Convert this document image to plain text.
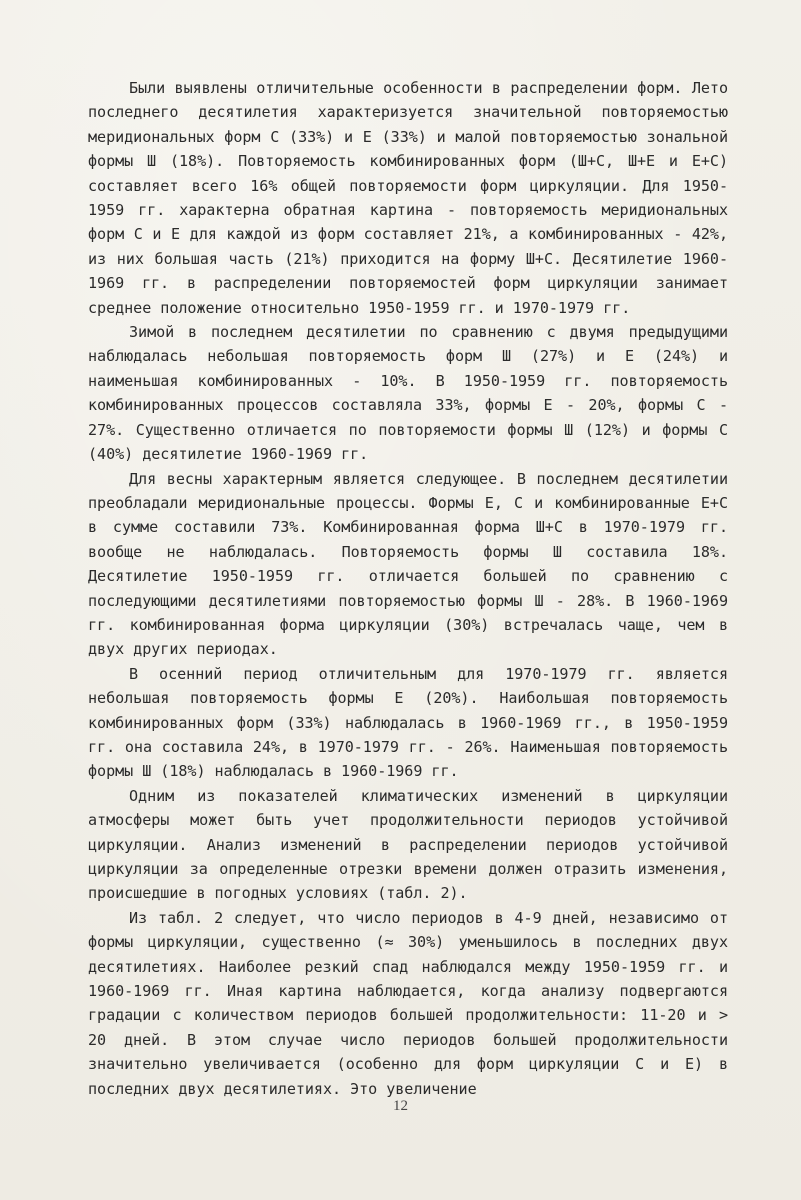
Были выявлены отличительные особенности в распределении форм. Лето последнего десятилетия характеризуется значительной повторяемостью меридиональных форм С (33%) и Е (33%) и малой повторяемостью зональной формы Ш (18%). Повторяемость комбинированных форм (Ш+С, Ш+Е и Е+С) составляет всего 16% общей повторяемости форм циркуляции. Для 1950-1959 гг. характерна обратная картина - повторяемость меридиональных форм С и Е для каждой из форм составляет 21%, а комбинированных - 42%, из них большая часть (21%) приходится на форму Ш+С. Десятилетие 1960-1969 гг. в распределении повторяемостей форм циркуляции занимает среднее положение относительно 1950-1959 гг. и 1970-1979 гг.

Зимой в последнем десятилетии по сравнению с двумя предыдущими наблюдалась небольшая повторяемость форм Ш (27%) и Е (24%) и наименьшая комбинированных - 10%. В 1950-1959 гг. повторяемость комбинированных процессов составляла 33%, формы Е - 20%, формы С - 27%. Существенно отличается по повторяемости формы Ш (12%) и формы С (40%) десятилетие 1960-1969 гг.

Для весны характерным является следующее. В последнем десятилетии преобладали меридиональные процессы. Формы Е, С и комбинированные Е+С в сумме составили 73%. Комбинированная форма Ш+С в 1970-1979 гг. вообще не наблюдалась. Повторяемость формы Ш составила 18%. Десятилетие 1950-1959 гг. отличается большей по сравнению с последующими десятилетиями повторяемостью формы Ш - 28%. В 1960-1969 гг. комбинированная форма циркуляции (30%) встречалась чаще, чем в двух других периодах.

В осенний период отличительным для 1970-1979 гг. является небольшая повторяемость формы Е (20%). Наибольшая повторяемость комбинированных форм (33%) наблюдалась в 1960-1969 гг., в 1950-1959 гг. она составила 24%, в 1970-1979 гг. - 26%. Наименьшая повторяемость формы Ш (18%) наблюдалась в 1960-1969 гг.

Одним из показателей климатических изменений в циркуляции атмосферы может быть учет продолжительности периодов устойчивой циркуляции. Анализ изменений в распределении периодов устойчивой циркуляции за определенные отрезки времени должен отразить изменения, происшедшие в погодных условиях (табл. 2).

Из табл. 2 следует, что число периодов в 4-9 дней, независимо от формы циркуляции, существенно (≈ 30%) уменьшилось в последних двух десятилетиях. Наиболее резкий спад наблюдался между 1950-1959 гг. и 1960-1969 гг. Иная картина наблюдается, когда анализу подвергаются градации с количеством периодов большей продолжительности: 11-20 и > 20 дней. В этом случае число периодов большей продолжительности значительно увеличивается (особенно для форм циркуляции С и Е) в последних двух десятилетиях. Это увеличение

12
